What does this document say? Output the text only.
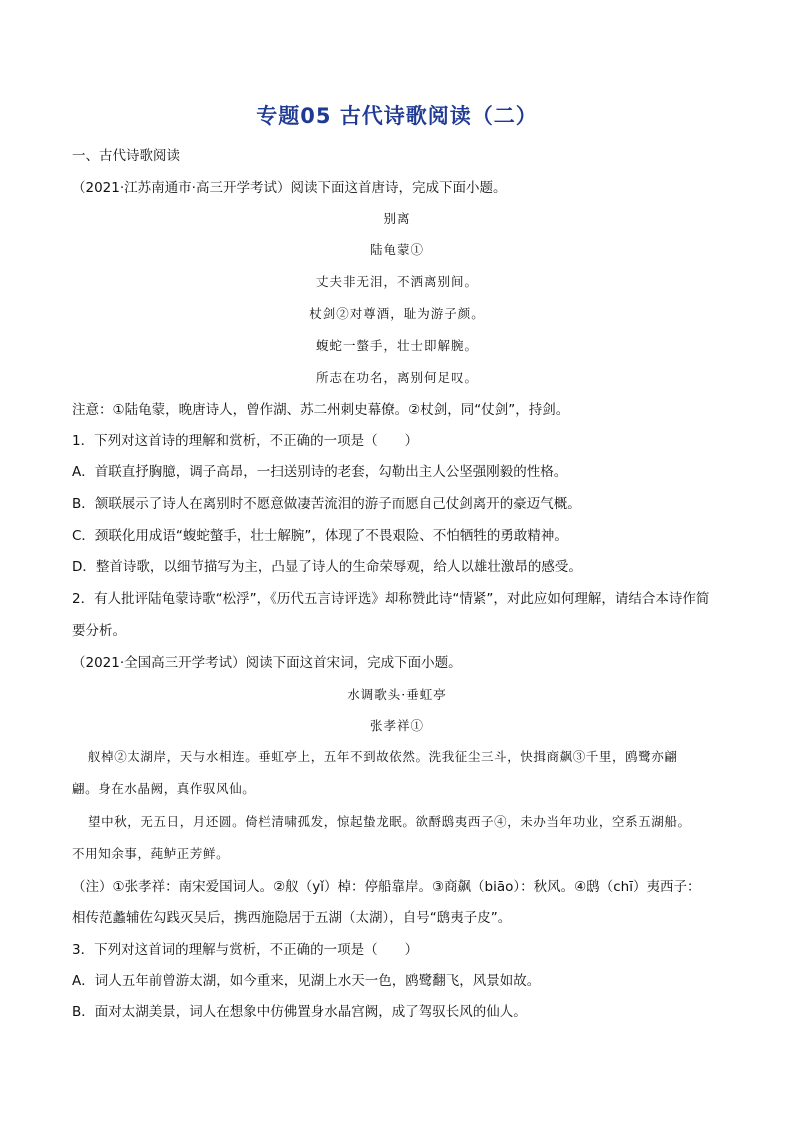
专题05 古代诗歌阅读（二）
一、古代诗歌阅读
（2021·江苏南通市·高三开学考试）阅读下面这首唐诗，完成下面小题。
别离
陆龟蒙①
丈夫非无泪，不洒离别间。
杖剑②对尊酒，耻为游子颜。
蝮蛇一螫手，壮士即解腕。
所志在功名，离别何足叹。
注意：①陆龟蒙，晚唐诗人，曾作湖、苏二州刺史幕僚。②杖剑，同“仗剑”，持剑。
1．下列对这首诗的理解和赏析，不正确的一项是（　　）
A．首联直抒胸臆，调子高昂，一扫送别诗的老套，勾勒出主人公坚强刚毅的性格。
B．颔联展示了诗人在离别时不愿意做凄苦流泪的游子而愿自己仗剑离开的豪迈气概。
C．颈联化用成语“蝮蛇螫手，壮士解腕”，体现了不畏艰险、不怕牺牲的勇敢精神。
D．整首诗歌，以细节描写为主，凸显了诗人的生命荣辱观，给人以雄壮激昂的感受。
2．有人批评陆龟蒙诗歌“松浮”，《历代五言诗评选》却称赞此诗“情紧”，对此应如何理解，请结合本诗作简
要分析。
（2021·全国高三开学考试）阅读下面这首宋词，完成下面小题。
水调歌头·垂虹亭
张孝祥①
舣棹②太湖岸，天与水相连。垂虹亭上，五年不到故依然。洗我征尘三斗，快揖商飙③千里，鸥鹭亦翩
翩。身在水晶阙，真作驭风仙。
望中秋，无五日，月还圆。倚栏清啸孤发，惊起蛰龙眠。欲酹鸱夷西子④，未办当年功业，空系五湖船。
不用知余事，莼鲈正芳鲜。
（注）①张孝祥：南宋爱国词人。②舣（yǐ）棹：停船靠岸。③商飙（biāo）：秋风。④鸱（chī）夷西子：
相传范蠡辅佐勾践灭吴后，携西施隐居于五湖（太湖），自号“鸱夷子皮”。
3．下列对这首词的理解与赏析，不正确的一项是（　　）
A．词人五年前曾游太湖，如今重来，见湖上水天一色，鸥鹭翻飞，风景如故。
B．面对太湖美景，词人在想象中仿佛置身水晶宫阙，成了驾驭长风的仙人。
